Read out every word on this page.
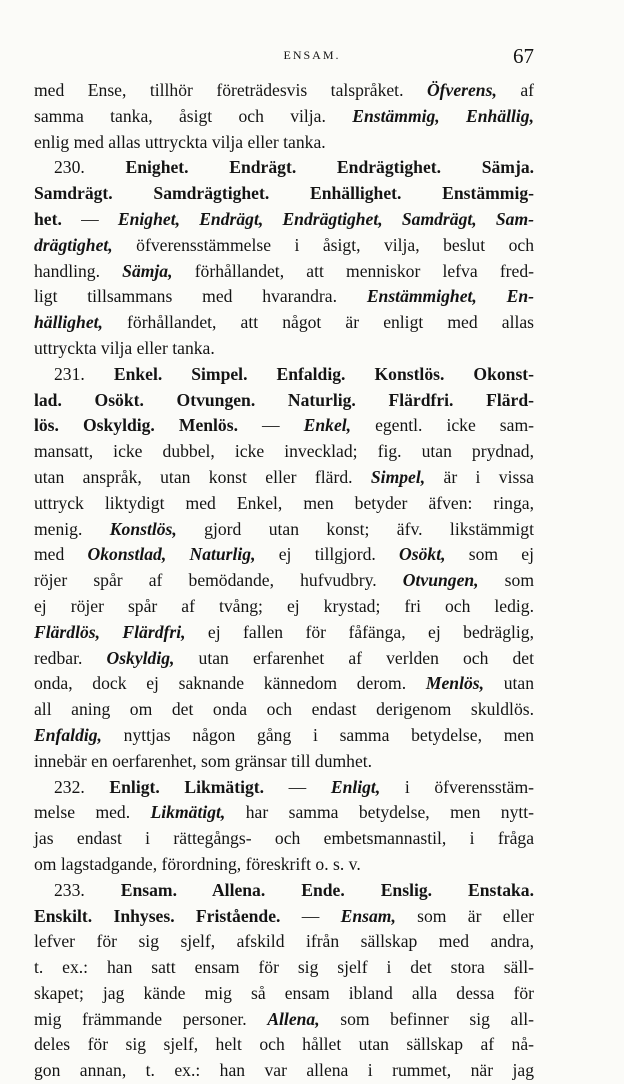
ENSAM.	67
med Ense, tillhör företrädesvis talspråket. Öfverens, af
samma tanka, åsigt och vilja. Enstämmig, Enhällig,
enlig med allas uttryckta vilja eller tanka.
230. Enighet. Endrägt. Endrägtighet. Sämja.
Samdrägt. Samdrägtighet. Enhällighet. Enstämmig-
het. — Enighet, Endrägt, Endrägtighet, Samdrägt, Sam-
drägtighet, öfverensstämmelse i åsigt, vilja, beslut och
handling. Sämja, förhållandet, att menniskor lefva fred-
ligt tillsammans med hvarandra. Enstämmighet, En-
hällighet, förhållandet, att något är enligt med allas
uttryckta vilja eller tanka.
231. Enkel. Simpel. Enfaldig. Konstlös. Okonst-
lad. Osökt. Otvungen. Naturlig. Flärdfri. Flärd-
lös. Oskyldig. Menlös. — Enkel, egentl. icke sam-
mansatt, icke dubbel, icke invecklad; fig. utan prydnad,
utan anspråk, utan konst eller flärd. Simpel, är i vissa
uttryck liktydigt med Enkel, men betyder äfven: ringa,
menig. Konstlös, gjord utan konst; äfv. likstämmigt
med Okonstlad, Naturlig, ej tillgjord. Osökt, som ej
röjer spår af bemödande, hufvudbry. Otvungen, som
ej röjer spår af tvång; ej krystad; fri och ledig.
Flärdlös, Flärdfri, ej fallen för fåfänga, ej bedräglig,
redbar. Oskyldig, utan erfarenhet af verlden och det
onda, dock ej saknande kännedom derom. Menlös, utan
all aning om det onda och endast derigenom skuldlös.
Enfaldig, nyttjas någon gång i samma betydelse, men
innebär en oerfarenhet, som gränsar till dumhet.
232. Enligt. Likmätigt. — Enligt, i öfverensstäm-
melse med. Likmätigt, har samma betydelse, men nytt-
jas endast i rättegångs- och embetsmannastil, i fråga
om lagstadgande, förordning, föreskrift o. s. v.
233. Ensam. Allena. Ende. Enslig. Enstaka.
Enskilt. Inhyses. Fristående. — Ensam, som är eller
lefver för sig sjelf, afskild ifrån sällskap med andra,
t. ex.: han satt ensam för sig sjelf i det stora säll-
skapet; jag kände mig så ensam ibland alla dessa för
mig främmande personer. Allena, som befinner sig all-
deles för sig sjelf, helt och hållet utan sällskap af nå-
gon annan, t. ex.: han var allena i rummet, när jag
